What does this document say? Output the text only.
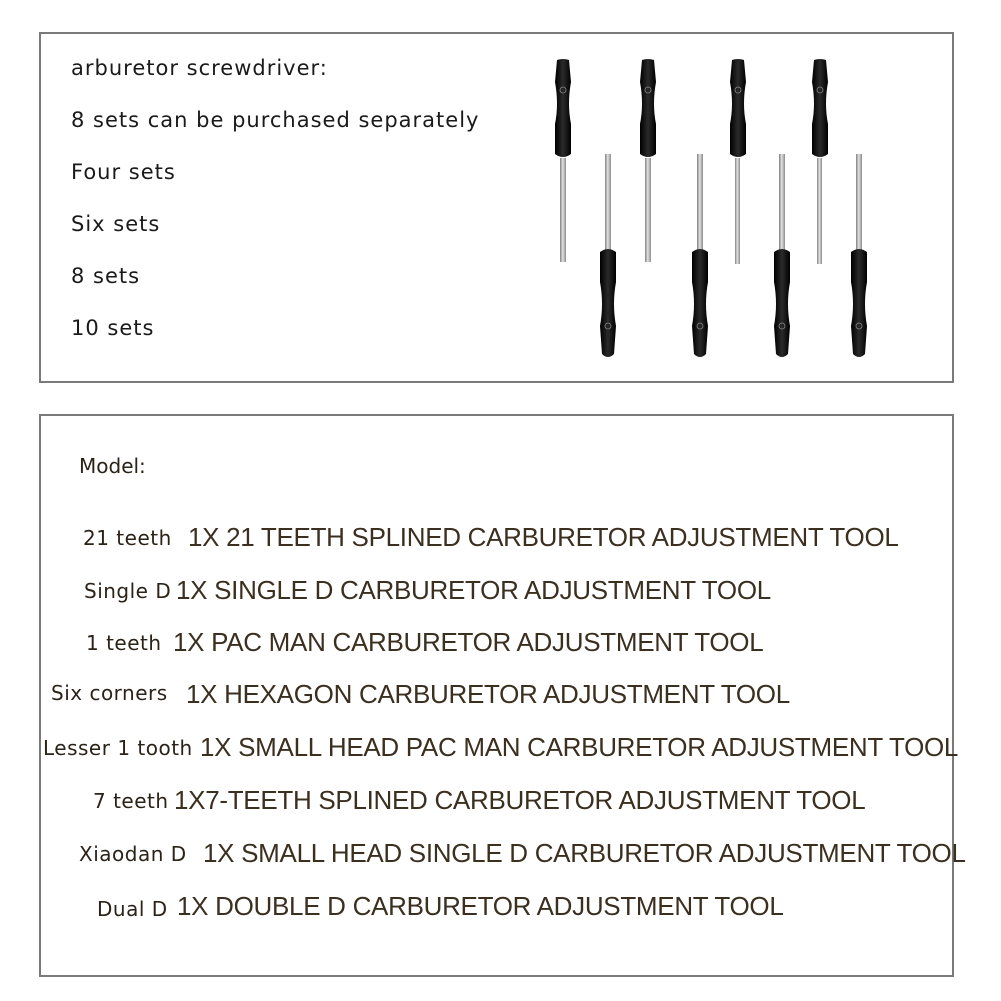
arburetor screwdriver:

8 sets can be purchased separately

Four sets

Six sets

8 sets

10 sets

Model:
21 teeth 1X 21 TEETH SPLINED CARBURETOR ADJUSTMENT TOOL
Single D 1X SINGLE D CARBURETOR ADJUSTMENT TOOL
1 teeth 1X PAC MAN CARBURETOR ADJUSTMENT TOOL
Six corners 1X HEXAGON CARBURETOR ADJUSTMENT TOOL
Lesser 1 tooth 1X SMALL HEAD PAC MAN CARBURETOR ADJUSTMENT TOOL
7 teeth 1X7-TEETH SPLINED CARBURETOR ADJUSTMENT TOOL
Xiaodan D 1X SMALL HEAD SINGLE D CARBURETOR ADJUSTMENT TOOL
Dual D 1X DOUBLE D CARBURETOR ADJUSTMENT TOOL
